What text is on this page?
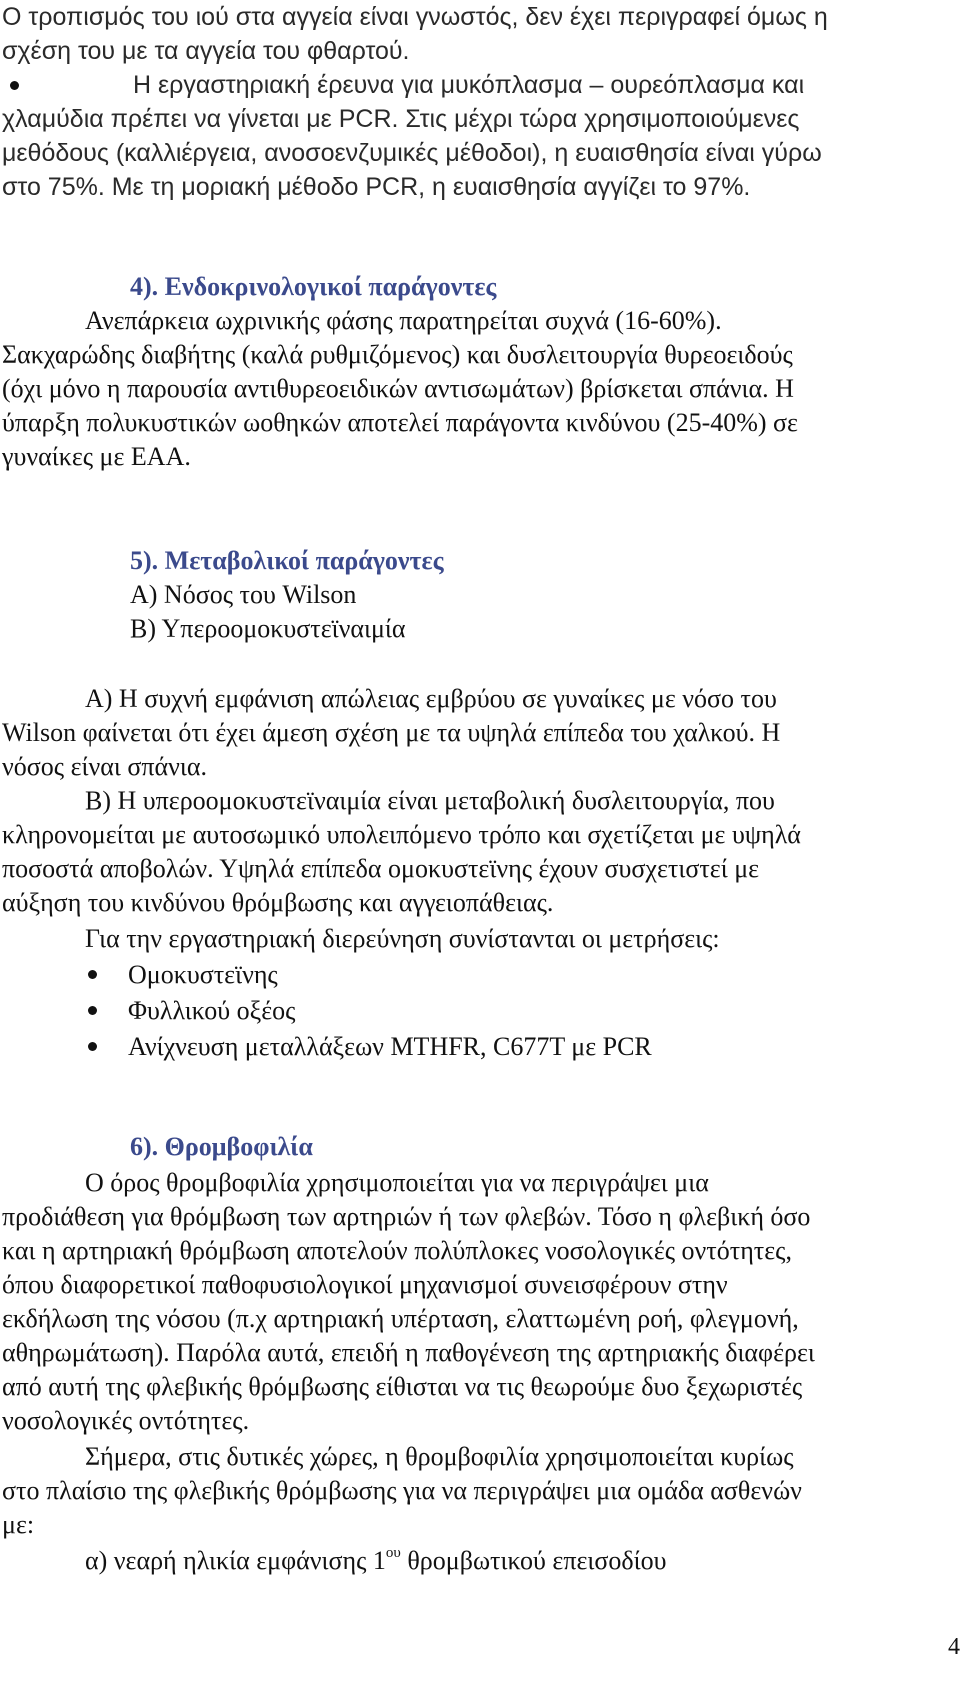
Ο τροπισμός του ιού στα αγγεία είναι γνωστός, δεν έχει περιγραφεί όμως η

σχέση του με τα αγγεία του φθαρτού.

Η εργαστηριακή έρευνα για μυκόπλασμα – ουρεόπλασμα και

χλαμύδια πρέπει να γίνεται με PCR. Στις μέχρι τώρα χρησιμοποιούμενες

μεθόδους (καλλιέργεια, ανοσοενζυμικές μέθοδοι), η ευαισθησία είναι γύρω

στο 75%. Με τη μοριακή μέθοδο PCR, η ευαισθησία αγγίζει το 97%.

4). Ενδοκρινολογικοί παράγοντες

Ανεπάρκεια ωχρινικής φάσης παρατηρείται συχνά (16-60%).

Σακχαρώδης διαβήτης (καλά ρυθμιζόμενος) και δυσλειτουργία θυρεοειδούς

(όχι μόνο η παρουσία αντιθυρεοειδικών αντισωμάτων) βρίσκεται σπάνια. Η

ύπαρξη πολυκυστικών ωοθηκών αποτελεί παράγοντα κινδύνου (25-40%) σε

γυναίκες με ΕΑΑ.

5). Μεταβολικοί παράγοντες

Α) Νόσος του Wilson

Β) Υπεροομοκυστεϊναιμία

Α) Η συχνή εμφάνιση απώλειας εμβρύου σε γυναίκες με νόσο του

Wilson φαίνεται ότι έχει άμεση σχέση με τα υψηλά επίπεδα του χαλκού. Η

νόσος είναι σπάνια.

Β) Η υπεροομοκυστεϊναιμία είναι μεταβολική δυσλειτουργία, που

κληρονομείται με αυτοσωμικό υπολειπόμενο τρόπο και σχετίζεται με υψηλά

ποσοστά αποβολών. Υψηλά επίπεδα ομοκυστεϊνης έχουν συσχετιστεί με

αύξηση του κινδύνου θρόμβωσης και αγγειοπάθειας.

Για την εργαστηριακή διερεύνηση συνίστανται οι μετρήσεις:

Ομοκυστεϊνης

Φυλλικού οξέος

Ανίχνευση μεταλλάξεων MTHFR, C677T με PCR

6). Θρομβοφιλία

Ο όρος θρομβοφιλία χρησιμοποιείται για να περιγράψει μια

προδιάθεση για θρόμβωση των αρτηριών ή των φλεβών. Τόσο η φλεβική όσο

και η αρτηριακή θρόμβωση αποτελούν πολύπλοκες νοσολογικές οντότητες,

όπου διαφορετικοί παθοφυσιολογικοί μηχανισμοί συνεισφέρουν στην

εκδήλωση της νόσου (π.χ αρτηριακή υπέρταση, ελαττωμένη ροή, φλεγμονή,

αθηρωμάτωση). Παρόλα αυτά, επειδή η παθογένεση της αρτηριακής διαφέρει

από αυτή της φλεβικής θρόμβωσης είθισται να τις θεωρούμε δυο ξεχωριστές

νοσολογικές οντότητες.

Σήμερα, στις δυτικές χώρες, η θρομβοφιλία χρησιμοποιείται κυρίως

στο πλαίσιο της φλεβικής θρόμβωσης για να περιγράψει μια ομάδα ασθενών

με:

α) νεαρή ηλικία εμφάνισης $1^{o\upsilon}$ θρομβωτικού επεισοδίου

4
